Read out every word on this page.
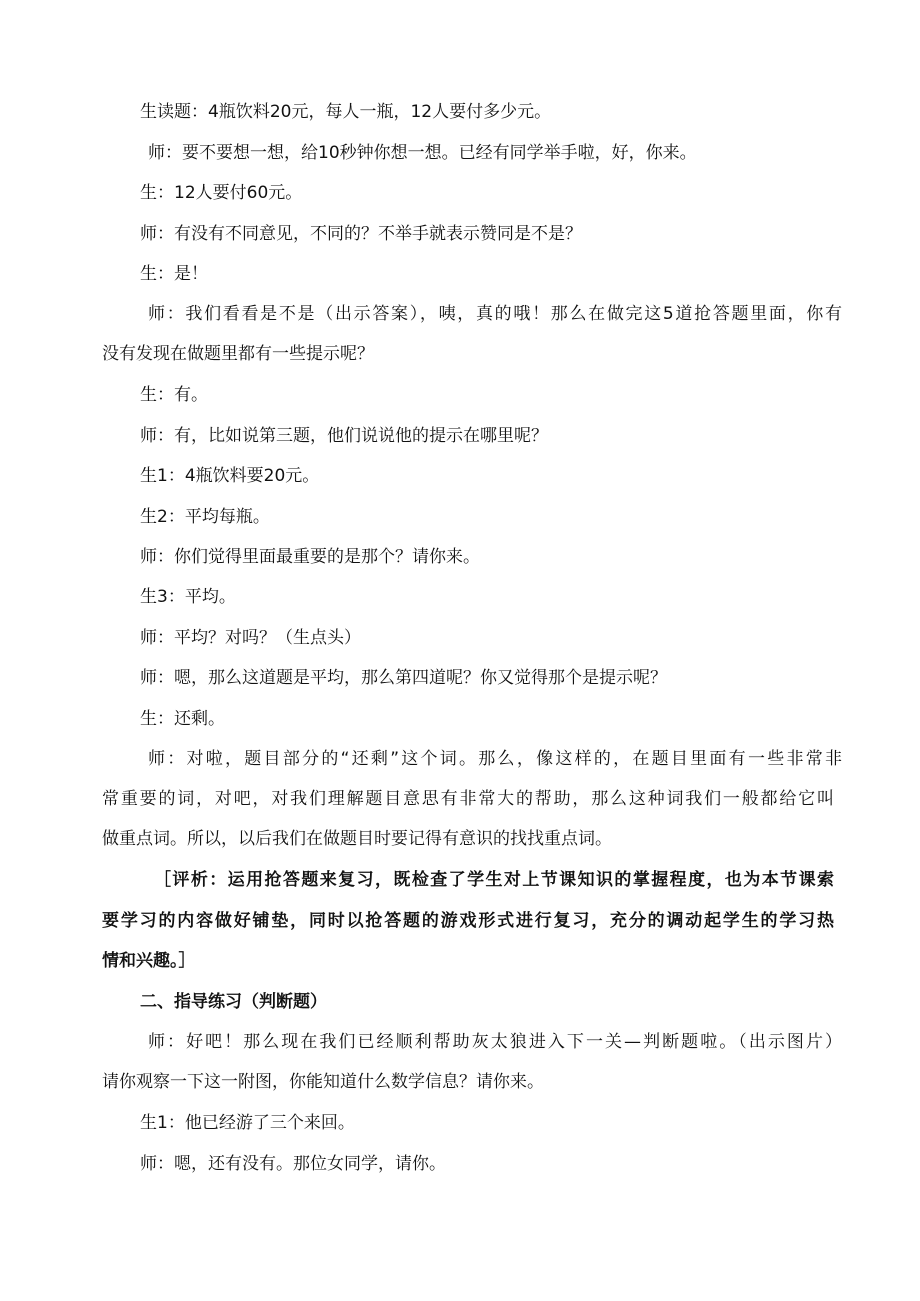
生读题：4瓶饮料20元，每人一瓶，12人要付多少元。
师：要不要想一想，给10秒钟你想一想。已经有同学举手啦，好，你来。
生：12人要付60元。
师：有没有不同意见，不同的？不举手就表示赞同是不是？
生：是！
师：我们看看是不是（出示答案），咦，真的哦！那么在做完这5道抢答题里面，你有
没有发现在做题里都有一些提示呢？
生：有。
师：有，比如说第三题，他们说说他的提示在哪里呢？
生1：4瓶饮料要20元。
生2：平均每瓶。
师：你们觉得里面最重要的是那个？请你来。
生3：平均。
师：平均？对吗？（生点头）
师：嗯，那么这道题是平均，那么第四道呢？你又觉得那个是提示呢？
生：还剩。
师：对啦，题目部分的“还剩”这个词。那么，像这样的，在题目里面有一些非常非
常重要的词，对吧，对我们理解题目意思有非常大的帮助，那么这种词我们一般都给它叫
做重点词。所以，以后我们在做题目时要记得有意识的找找重点词。
［评析：运用抢答题来复习，既检查了学生对上节课知识的掌握程度，也为本节课索
要学习的内容做好铺垫，同时以抢答题的游戏形式进行复习，充分的调动起学生的学习热
情和兴趣。］
二、指导练习（判断题）
师：好吧！那么现在我们已经顺利帮助灰太狼进入下一关—判断题啦。（出示图片）
请你观察一下这一附图，你能知道什么数学信息？请你来。
生1：他已经游了三个来回。
师：嗯，还有没有。那位女同学，请你。
